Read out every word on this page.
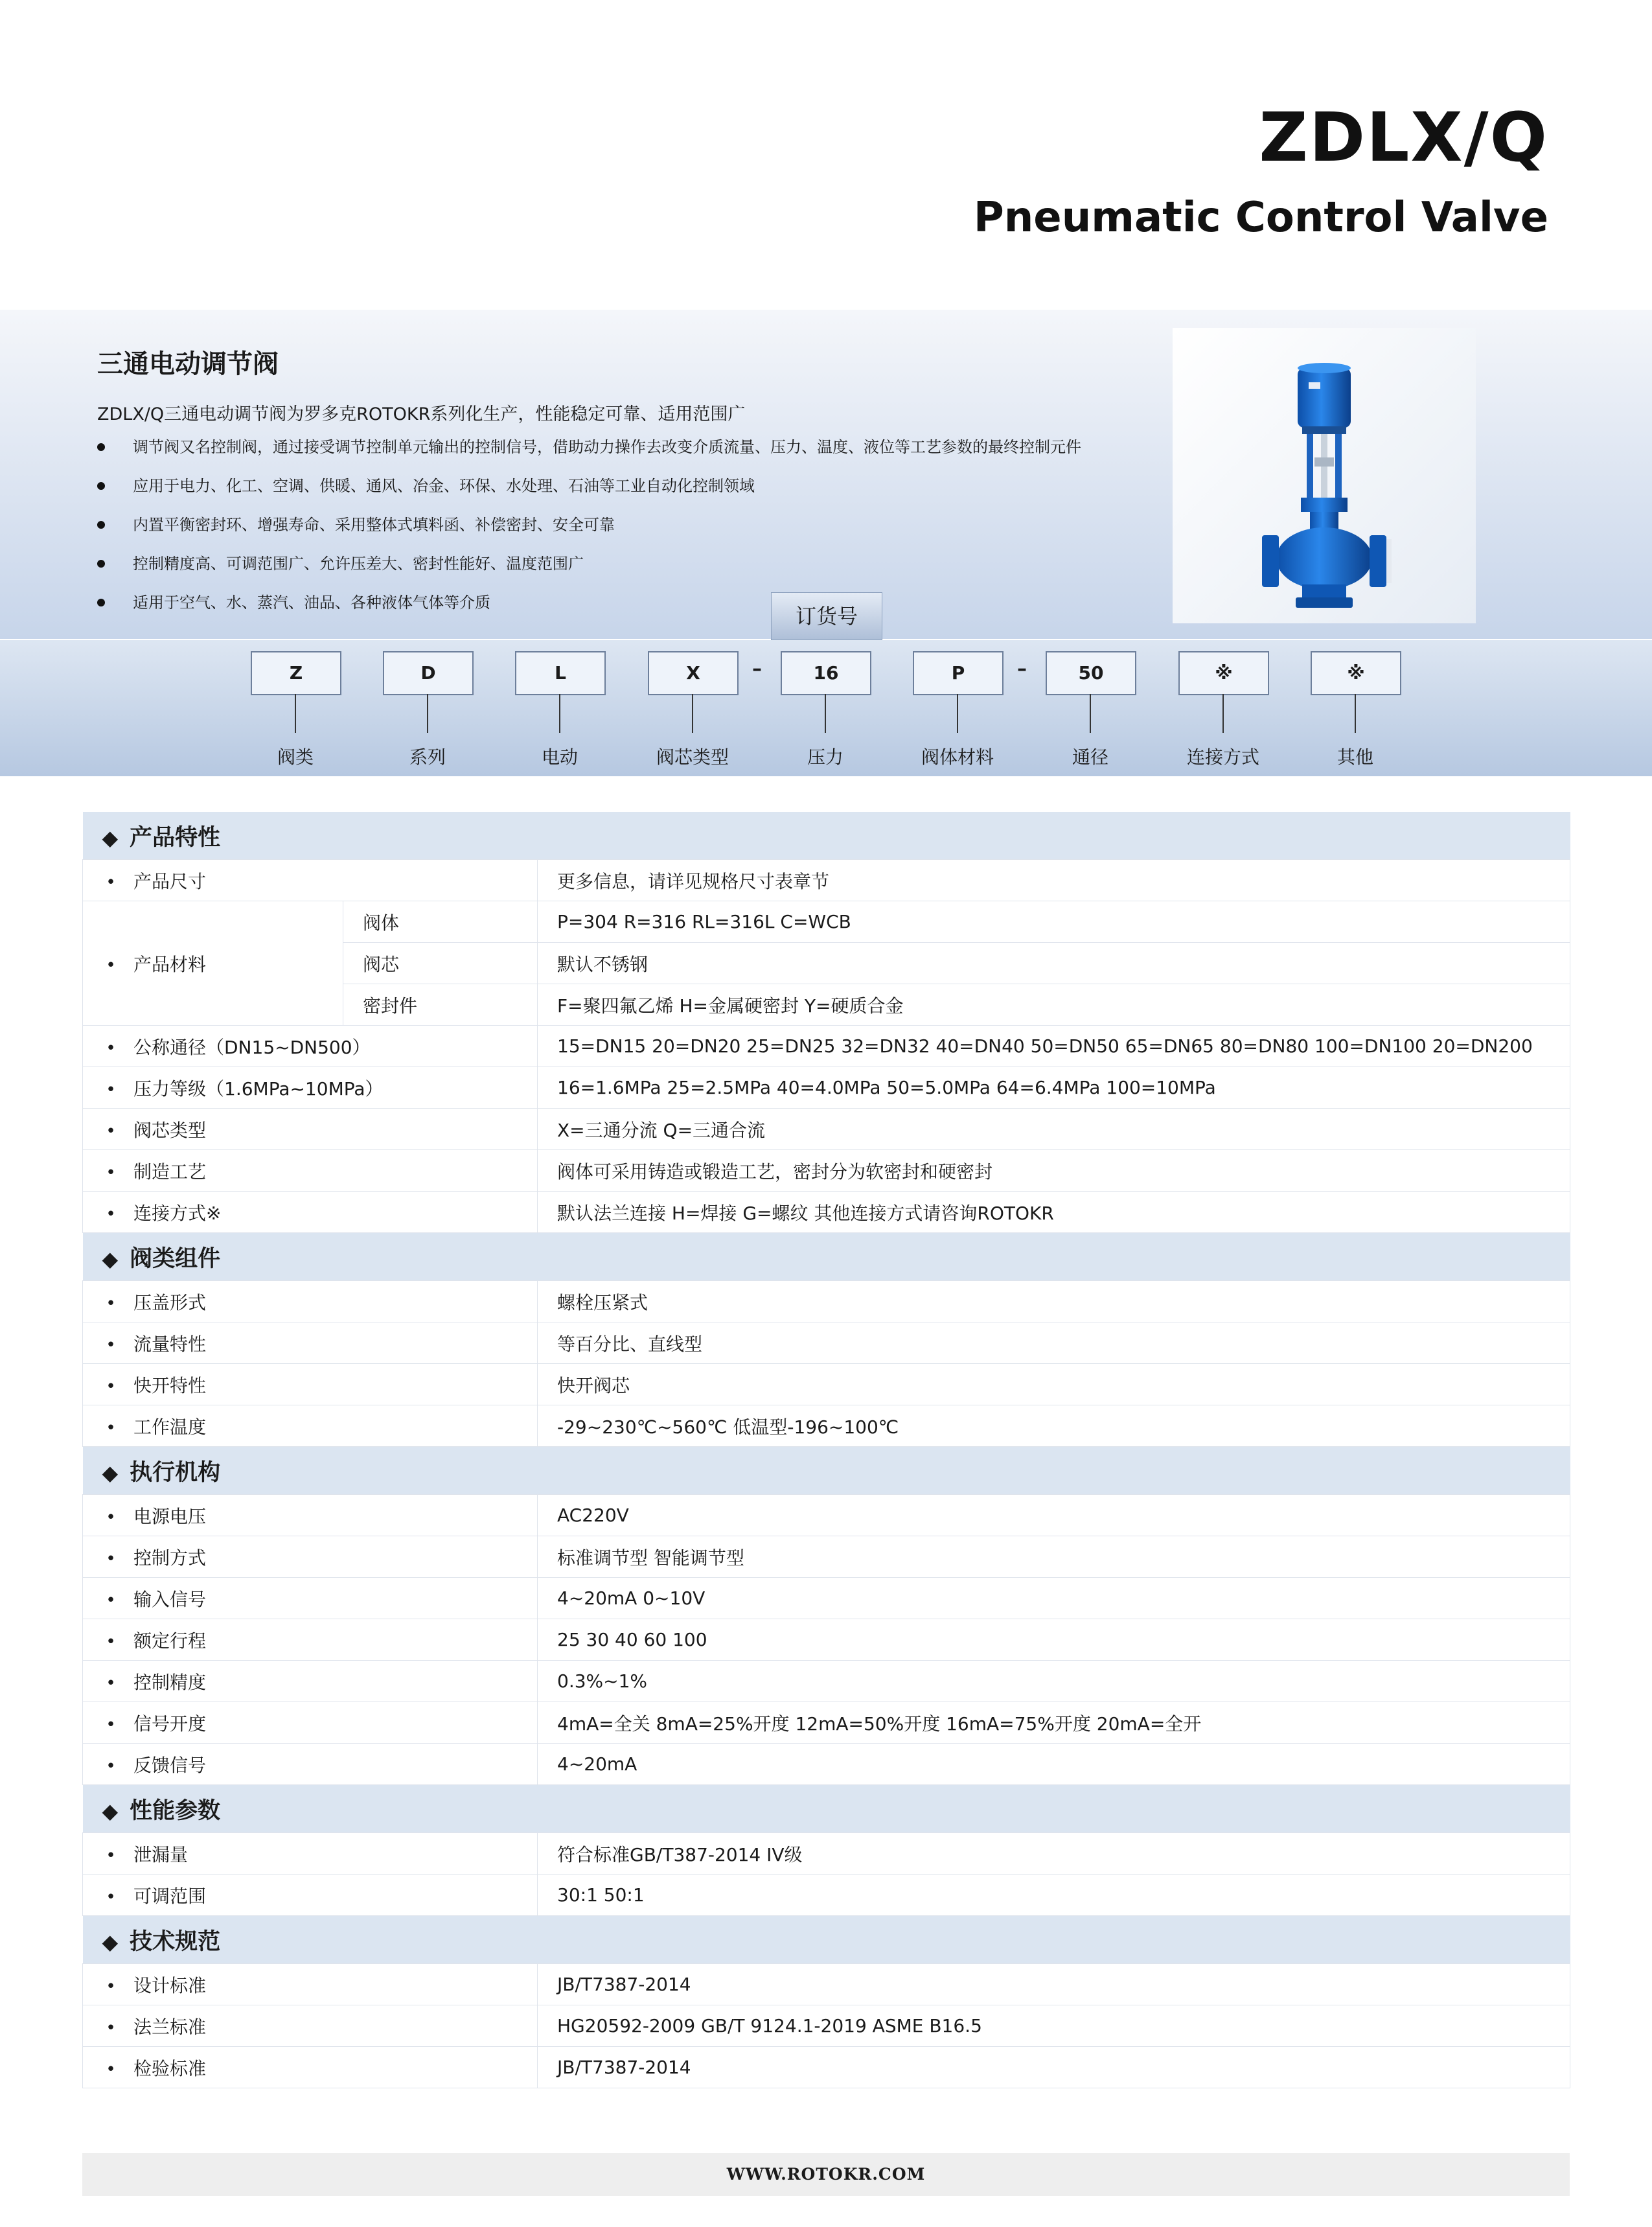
ZDLX/Q
Pneumatic Control Valve
三通电动调节阀
ZDLX/Q三通电动调节阀为罗多克ROTOKR系列化生产，性能稳定可靠、适用范围广
调节阀又名控制阀，通过接受调节控制单元输出的控制信号，借助动力操作去改变介质流量、压力、温度、液位等工艺参数的最终控制元件
应用于电力、化工、空调、供暖、通风、冶金、环保、水处理、石油等工业自动化控制领域
内置平衡密封环、增强寿命、采用整体式填料函、补偿密封、安全可靠
控制精度高、可调范围广、允许压差大、密封性能好、温度范围广
适用于空气、水、蒸汽、油品、各种液体气体等介质
订货号
Z	D	L	X	–	16	P	–	50	※	※
阀类	系列	电动	阀芯类型	压力	阀体材料	通径	连接方式	其他
◆ 产品特性		
• 产品尺寸		更多信息，请详见规格尺寸表章节
• 产品材料	阀体	P=304 R=316 RL=316L C=WCB
	阀芯	默认不锈钢
	密封件	F=聚四氟乙烯 H=金属硬密封 Y=硬质合金
• 公称通径（DN15~DN500）		15=DN15 20=DN20 25=DN25 32=DN32 40=DN40 50=DN50 65=DN65 80=DN80 100=DN100 20=DN200
• 压力等级（1.6MPa~10MPa）		16=1.6MPa 25=2.5MPa 40=4.0MPa 50=5.0MPa 64=6.4MPa 100=10MPa
• 阀芯类型		X=三通分流 Q=三通合流
• 制造工艺		阀体可采用铸造或锻造工艺，密封分为软密封和硬密封
• 连接方式※		默认法兰连接 H=焊接 G=螺纹 其他连接方式请咨询ROTOKR
◆ 阀类组件		
• 压盖形式		螺栓压紧式
• 流量特性		等百分比、直线型
• 快开特性		快开阀芯
• 工作温度		-29~230℃~560℃ 低温型-196~100℃
◆ 执行机构		
• 电源电压		AC220V
• 控制方式		标准调节型 智能调节型
• 输入信号		4~20mA 0~10V
• 额定行程		25 30 40 60 100
• 控制精度		0.3%~1%
• 信号开度		4mA=全关 8mA=25%开度 12mA=50%开度 16mA=75%开度 20mA=全开
• 反馈信号		4~20mA
◆ 性能参数		
• 泄漏量		符合标准GB/T387-2014 IV级
• 可调范围		30:1 50:1
◆ 技术规范		
• 设计标准		JB/T7387-2014
• 法兰标准		HG20592-2009 GB/T 9124.1-2019 ASME B16.5
• 检验标准		JB/T7387-2014
WWW.ROTOKR.COM
